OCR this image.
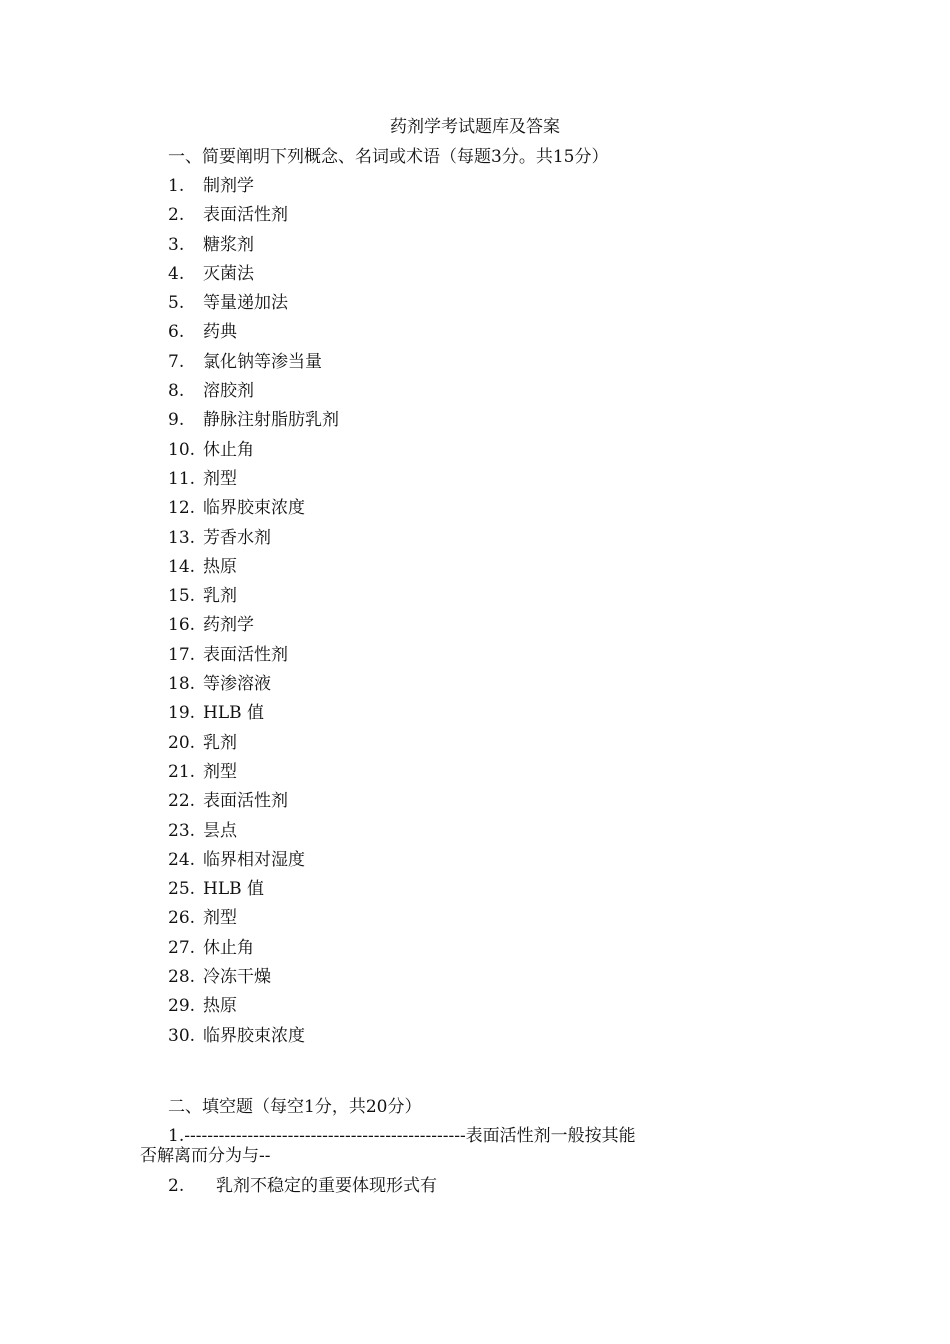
药剂学考试题库及答案
一、简要阐明下列概念、名词或术语（每题3分。共15分）
1.	制剂学
2.	表面活性剂
3.	糖浆剂
4.	灭菌法
5.	等量递加法
6.	药典
7.	氯化钠等渗当量
8.	溶胶剂
9.	静脉注射脂肪乳剂
10. 休止角
11. 剂型
12. 临界胶束浓度
13. 芳香水剂
14. 热原
15. 乳剂
16. 药剂学
17. 表面活性剂
18. 等渗溶液
19. HLB 值
20. 乳剂
21. 剂型
22. 表面活性剂
23. 昙点
24. 临界相对湿度
25. HLB 值
26. 剂型
27. 休止角
28. 冷冻干燥
29. 热原
30. 临界胶束浓度
二、填空题（每空1分，共20分）
1.-------------------------------------------------表面活性剂一般按其能
否解离而分为与--
2. 乳剂不稳定的重要体现形式有
